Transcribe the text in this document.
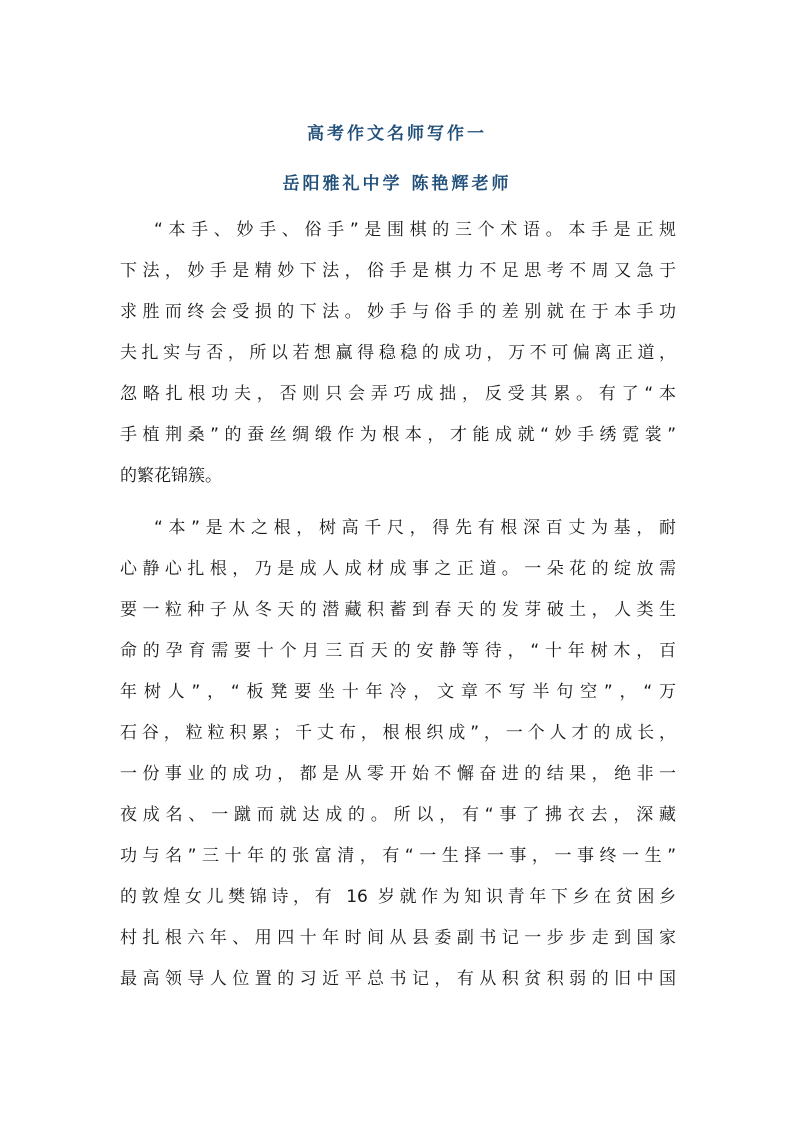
高考作文名师写作一
岳阳雅礼中学 陈艳辉老师
“本手、妙手、俗手”是围棋的三个术语。本手是正规
下法，妙手是精妙下法，俗手是棋力不足思考不周又急于
求胜而终会受损的下法。妙手与俗手的差别就在于本手功
夫扎实与否，所以若想赢得稳稳的成功，万不可偏离正道，
忽略扎根功夫，否则只会弄巧成拙，反受其累。有了“本
手植荆桑”的蚕丝绸缎作为根本，才能成就“妙手绣霓裳”
的繁花锦簇。
“本”是木之根，树高千尺，得先有根深百丈为基，耐
心静心扎根，乃是成人成材成事之正道。一朵花的绽放需
要一粒种子从冬天的潜藏积蓄到春天的发芽破土，人类生
命的孕育需要十个月三百天的安静等待，“十年树木，百
年树人”，“板凳要坐十年冷，文章不写半句空”，“万
石谷，粒粒积累；千丈布，根根织成”，一个人才的成长，
一份事业的成功，都是从零开始不懈奋进的结果，绝非一
夜成名、一蹴而就达成的。所以，有“事了拂衣去，深藏
功与名”三十年的张富清，有“一生择一事，一事终一生”
的敦煌女儿樊锦诗，有 16 岁就作为知识青年下乡在贫困乡
村扎根六年、用四十年时间从县委副书记一步步走到国家
最高领导人位置的习近平总书记，有从积贫积弱的旧中国
